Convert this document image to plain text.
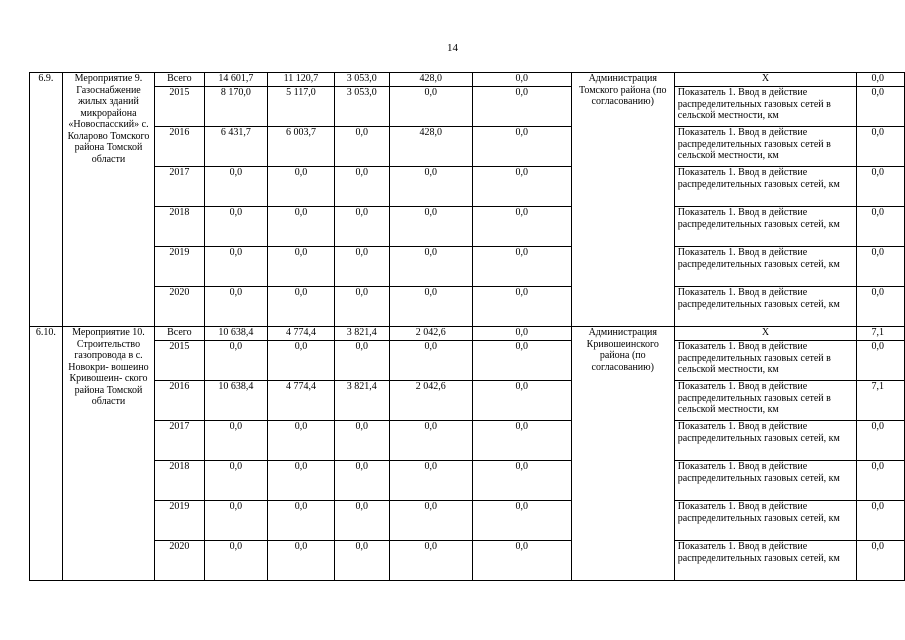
14
6.9.	Мероприятие 9. Газоснабжение жилых зданий микрорайона «Новоспасский» с. Коларово Томского района Томской области	Всего	14 601,7	11 120,7	3 053,0	428,0	0,0	Администрация Томского района (по согласованию)	Х	0,0
		2015	8 170,0	5 117,0	3 053,0	0,0	0,0		Показатель 1. Ввод в действие распределительных газовых сетей в сельской местности, км	0,0
		2016	6 431,7	6 003,7	0,0	428,0	0,0		Показатель 1. Ввод в действие распределительных газовых сетей в сельской местности, км	0,0
		2017	0,0	0,0	0,0	0,0	0,0		Показатель 1. Ввод в действие распределительных газовых сетей, км	0,0
		2018	0,0	0,0	0,0	0,0	0,0		Показатель 1. Ввод в действие распределительных газовых сетей, км	0,0
		2019	0,0	0,0	0,0	0,0	0,0		Показатель 1. Ввод в действие распределительных газовых сетей, км	0,0
		2020	0,0	0,0	0,0	0,0	0,0		Показатель 1. Ввод в действие распределительных газовых сетей, км	0,0
6.10.	Мероприятие 10. Строительство газопровода в с. Новокри- вошеино Кривошеин- ского района Томской области	Всего	10 638,4	4 774,4	3 821,4	2 042,6	0,0	Администрация Кривошеинского района (по согласованию)	Х	7,1
		2015	0,0	0,0	0,0	0,0	0,0		Показатель 1. Ввод в действие распределительных газовых сетей в сельской местности, км	0,0
		2016	10 638,4	4 774,4	3 821,4	2 042,6	0,0		Показатель 1. Ввод в действие распределительных газовых сетей в сельской местности, км	7,1
		2017	0,0	0,0	0,0	0,0	0,0		Показатель 1. Ввод в действие распределительных газовых сетей, км	0,0
		2018	0,0	0,0	0,0	0,0	0,0		Показатель 1. Ввод в действие распределительных газовых сетей, км	0,0
		2019	0,0	0,0	0,0	0,0	0,0		Показатель 1. Ввод в действие распределительных газовых сетей, км	0,0
		2020	0,0	0,0	0,0	0,0	0,0		Показатель 1. Ввод в действие распределительных газовых сетей, км	0,0
